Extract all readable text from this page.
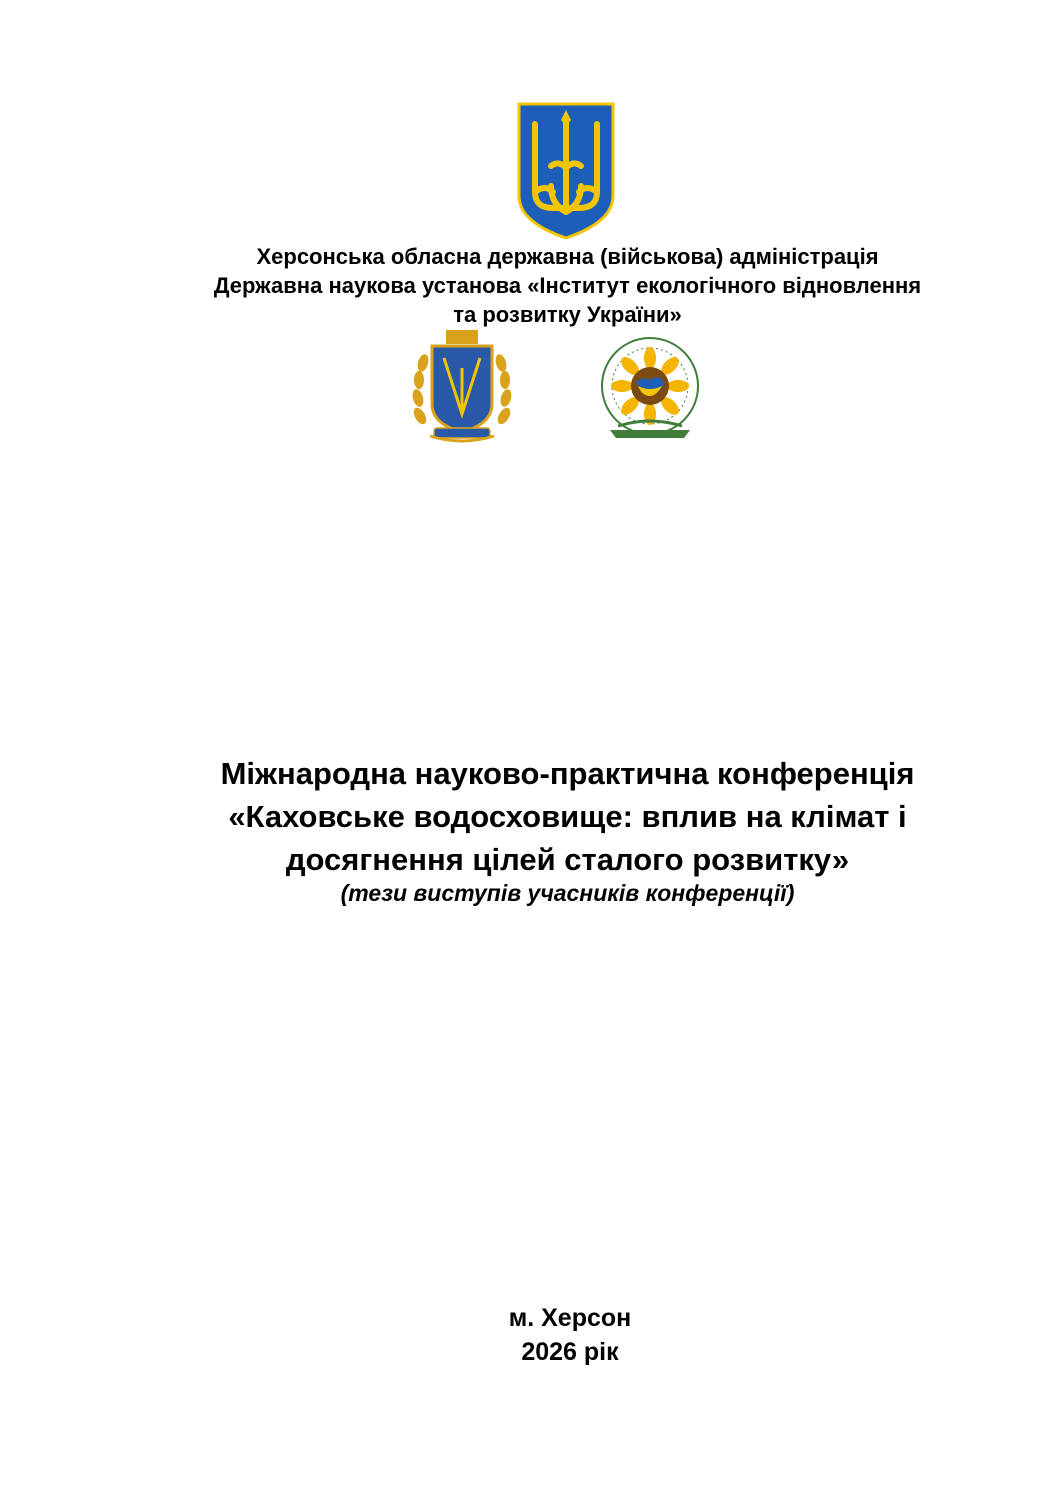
Херсонська обласна державна (військова) адміністрація
Державна наукова установа «Інститут екологічного відновлення
та розвитку України»
Міжнародна науково-практична конференція
«Каховське водосховище: вплив на клімат і
досягнення цілей сталого розвитку»
(тези виступів учасників конференції)
м. Херсон
2026 рік
